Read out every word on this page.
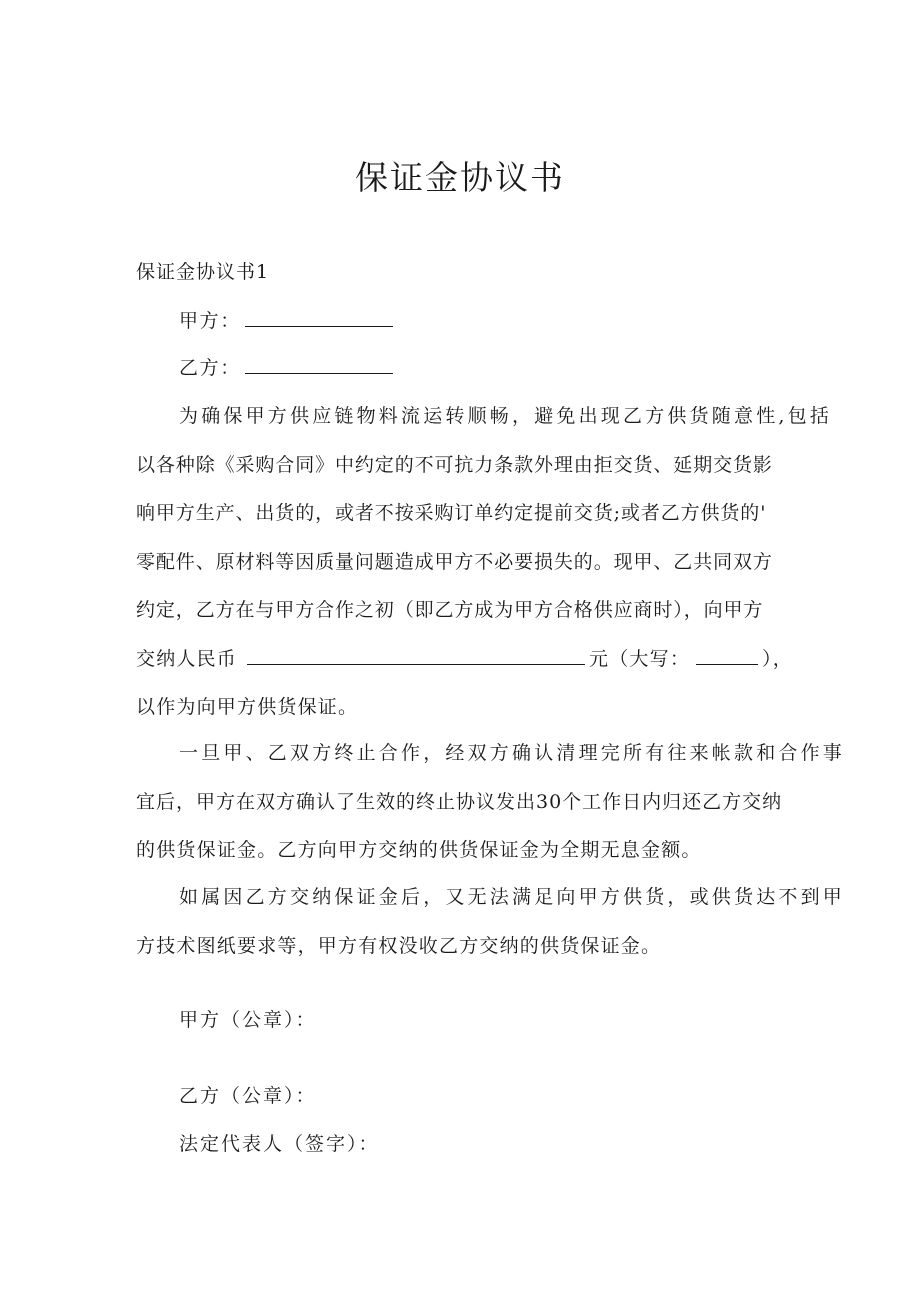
保证金协议书
保证金协议书1
甲方：
乙方：
为确保甲方供应链物料流运转顺畅，避免出现乙方供货随意性,包括
以各种除《采购合同》中约定的不可抗力条款外理由拒交货、延期交货影
响甲方生产、出货的，或者不按采购订单约定提前交货;或者乙方供货的'
零配件、原材料等因质量问题造成甲方不必要损失的。现甲、乙共同双方
约定，乙方在与甲方合作之初（即乙方成为甲方合格供应商时），向甲方
交纳人民币	元（大写：	），
以作为向甲方供货保证。
一旦甲、乙双方终止合作，经双方确认清理完所有往来帐款和合作事
宜后，甲方在双方确认了生效的终止协议发出30个工作日内归还乙方交纳
的供货保证金。乙方向甲方交纳的供货保证金为全期无息金额。
如属因乙方交纳保证金后，又无法满足向甲方供货，或供货达不到甲
方技术图纸要求等，甲方有权没收乙方交纳的供货保证金。
甲方（公章）：
乙方（公章）：
法定代表人（签字）：
